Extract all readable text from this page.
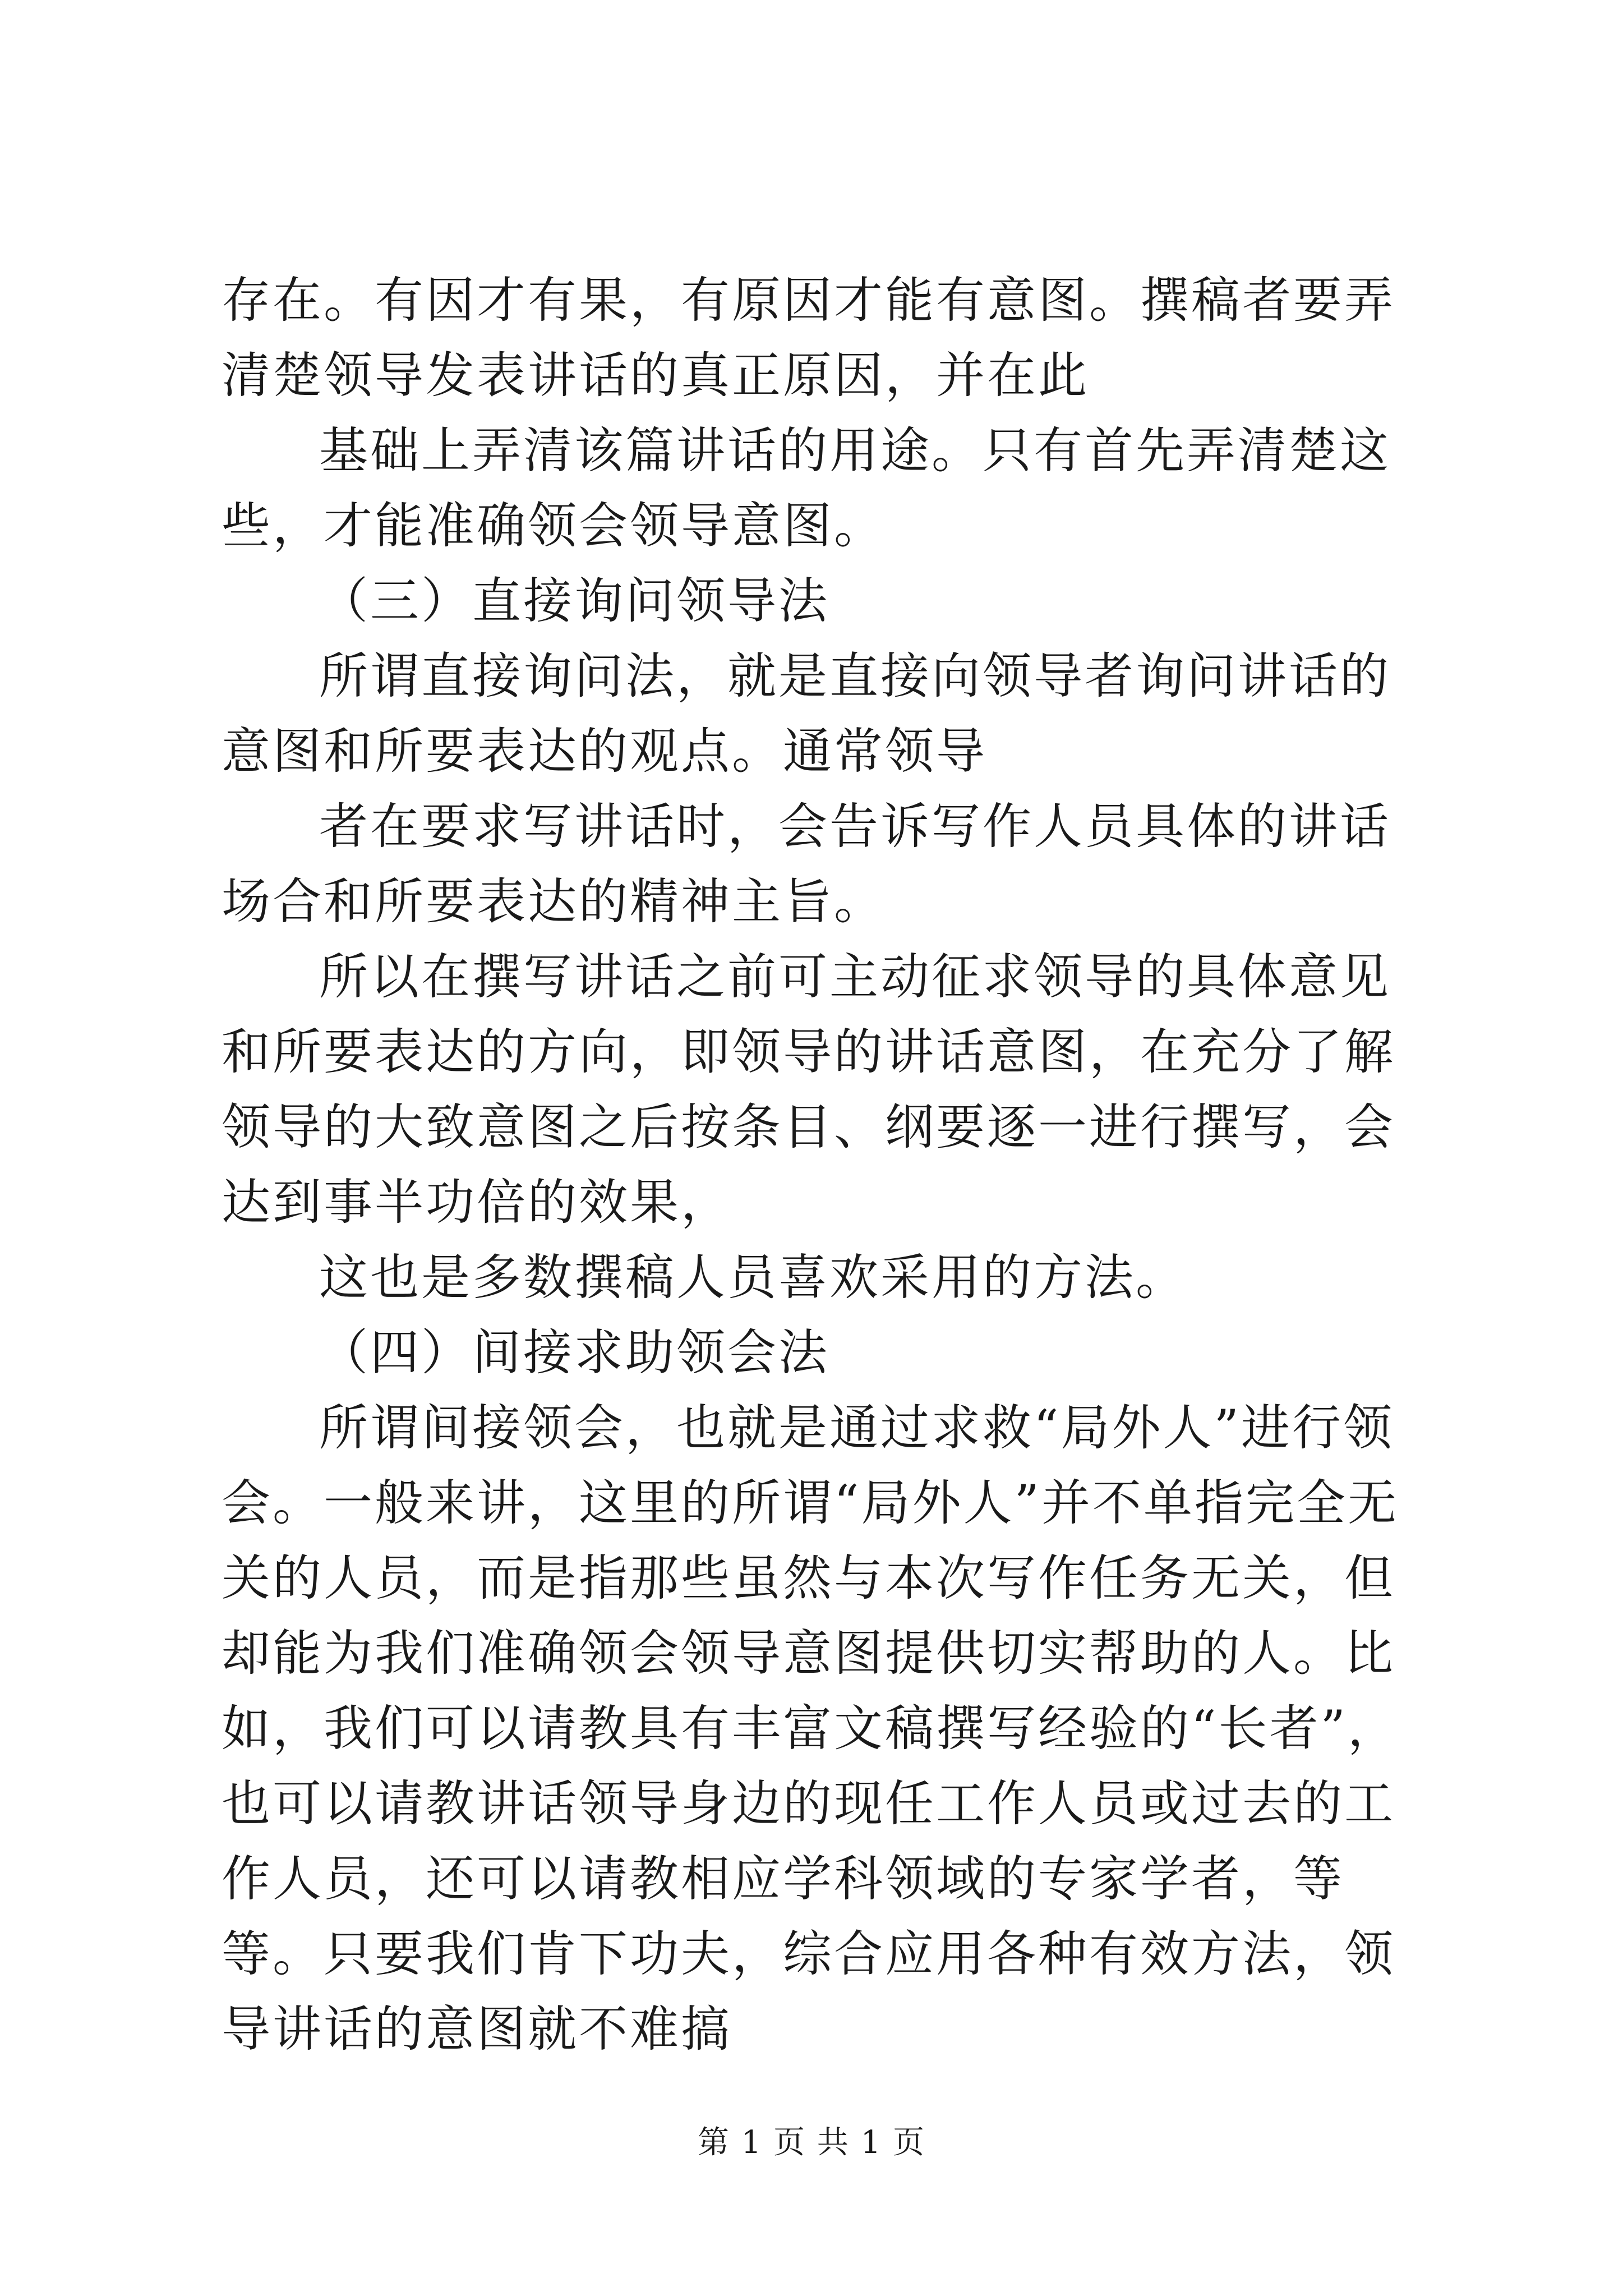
存在。有因才有果，有原因才能有意图。撰稿者要弄清楚领导发表讲话的真正原因，并在此

基础上弄清该篇讲话的用途。只有首先弄清楚这些，才能准确领会领导意图。

（三）直接询问领导法

所谓直接询问法，就是直接向领导者询问讲话的意图和所要表达的观点。通常领导

者在要求写讲话时，会告诉写作人员具体的讲话场合和所要表达的精神主旨。

所以在撰写讲话之前可主动征求领导的具体意见和所要表达的方向，即领导的讲话意图，在充分了解领导的大致意图之后按条目、纲要逐一进行撰写，会达到事半功倍的效果，

这也是多数撰稿人员喜欢采用的方法。

（四）间接求助领会法

所谓间接领会，也就是通过求救“局外人”进行领会。一般来讲，这里的所谓“局外人”并不单指完全无关的人员，而是指那些虽然与本次写作任务无关，但却能为我们准确领会领导意图提供切实帮助的人。比如，我们可以请教具有丰富文稿撰写经验的“长者”，也可以请教讲话领导身边的现任工作人员或过去的工作人员，还可以请教相应学科领域的专家学者，等等。只要我们肯下功夫，综合应用各种有效方法，领导讲话的意图就不难搞

第 1 页 共 1 页
